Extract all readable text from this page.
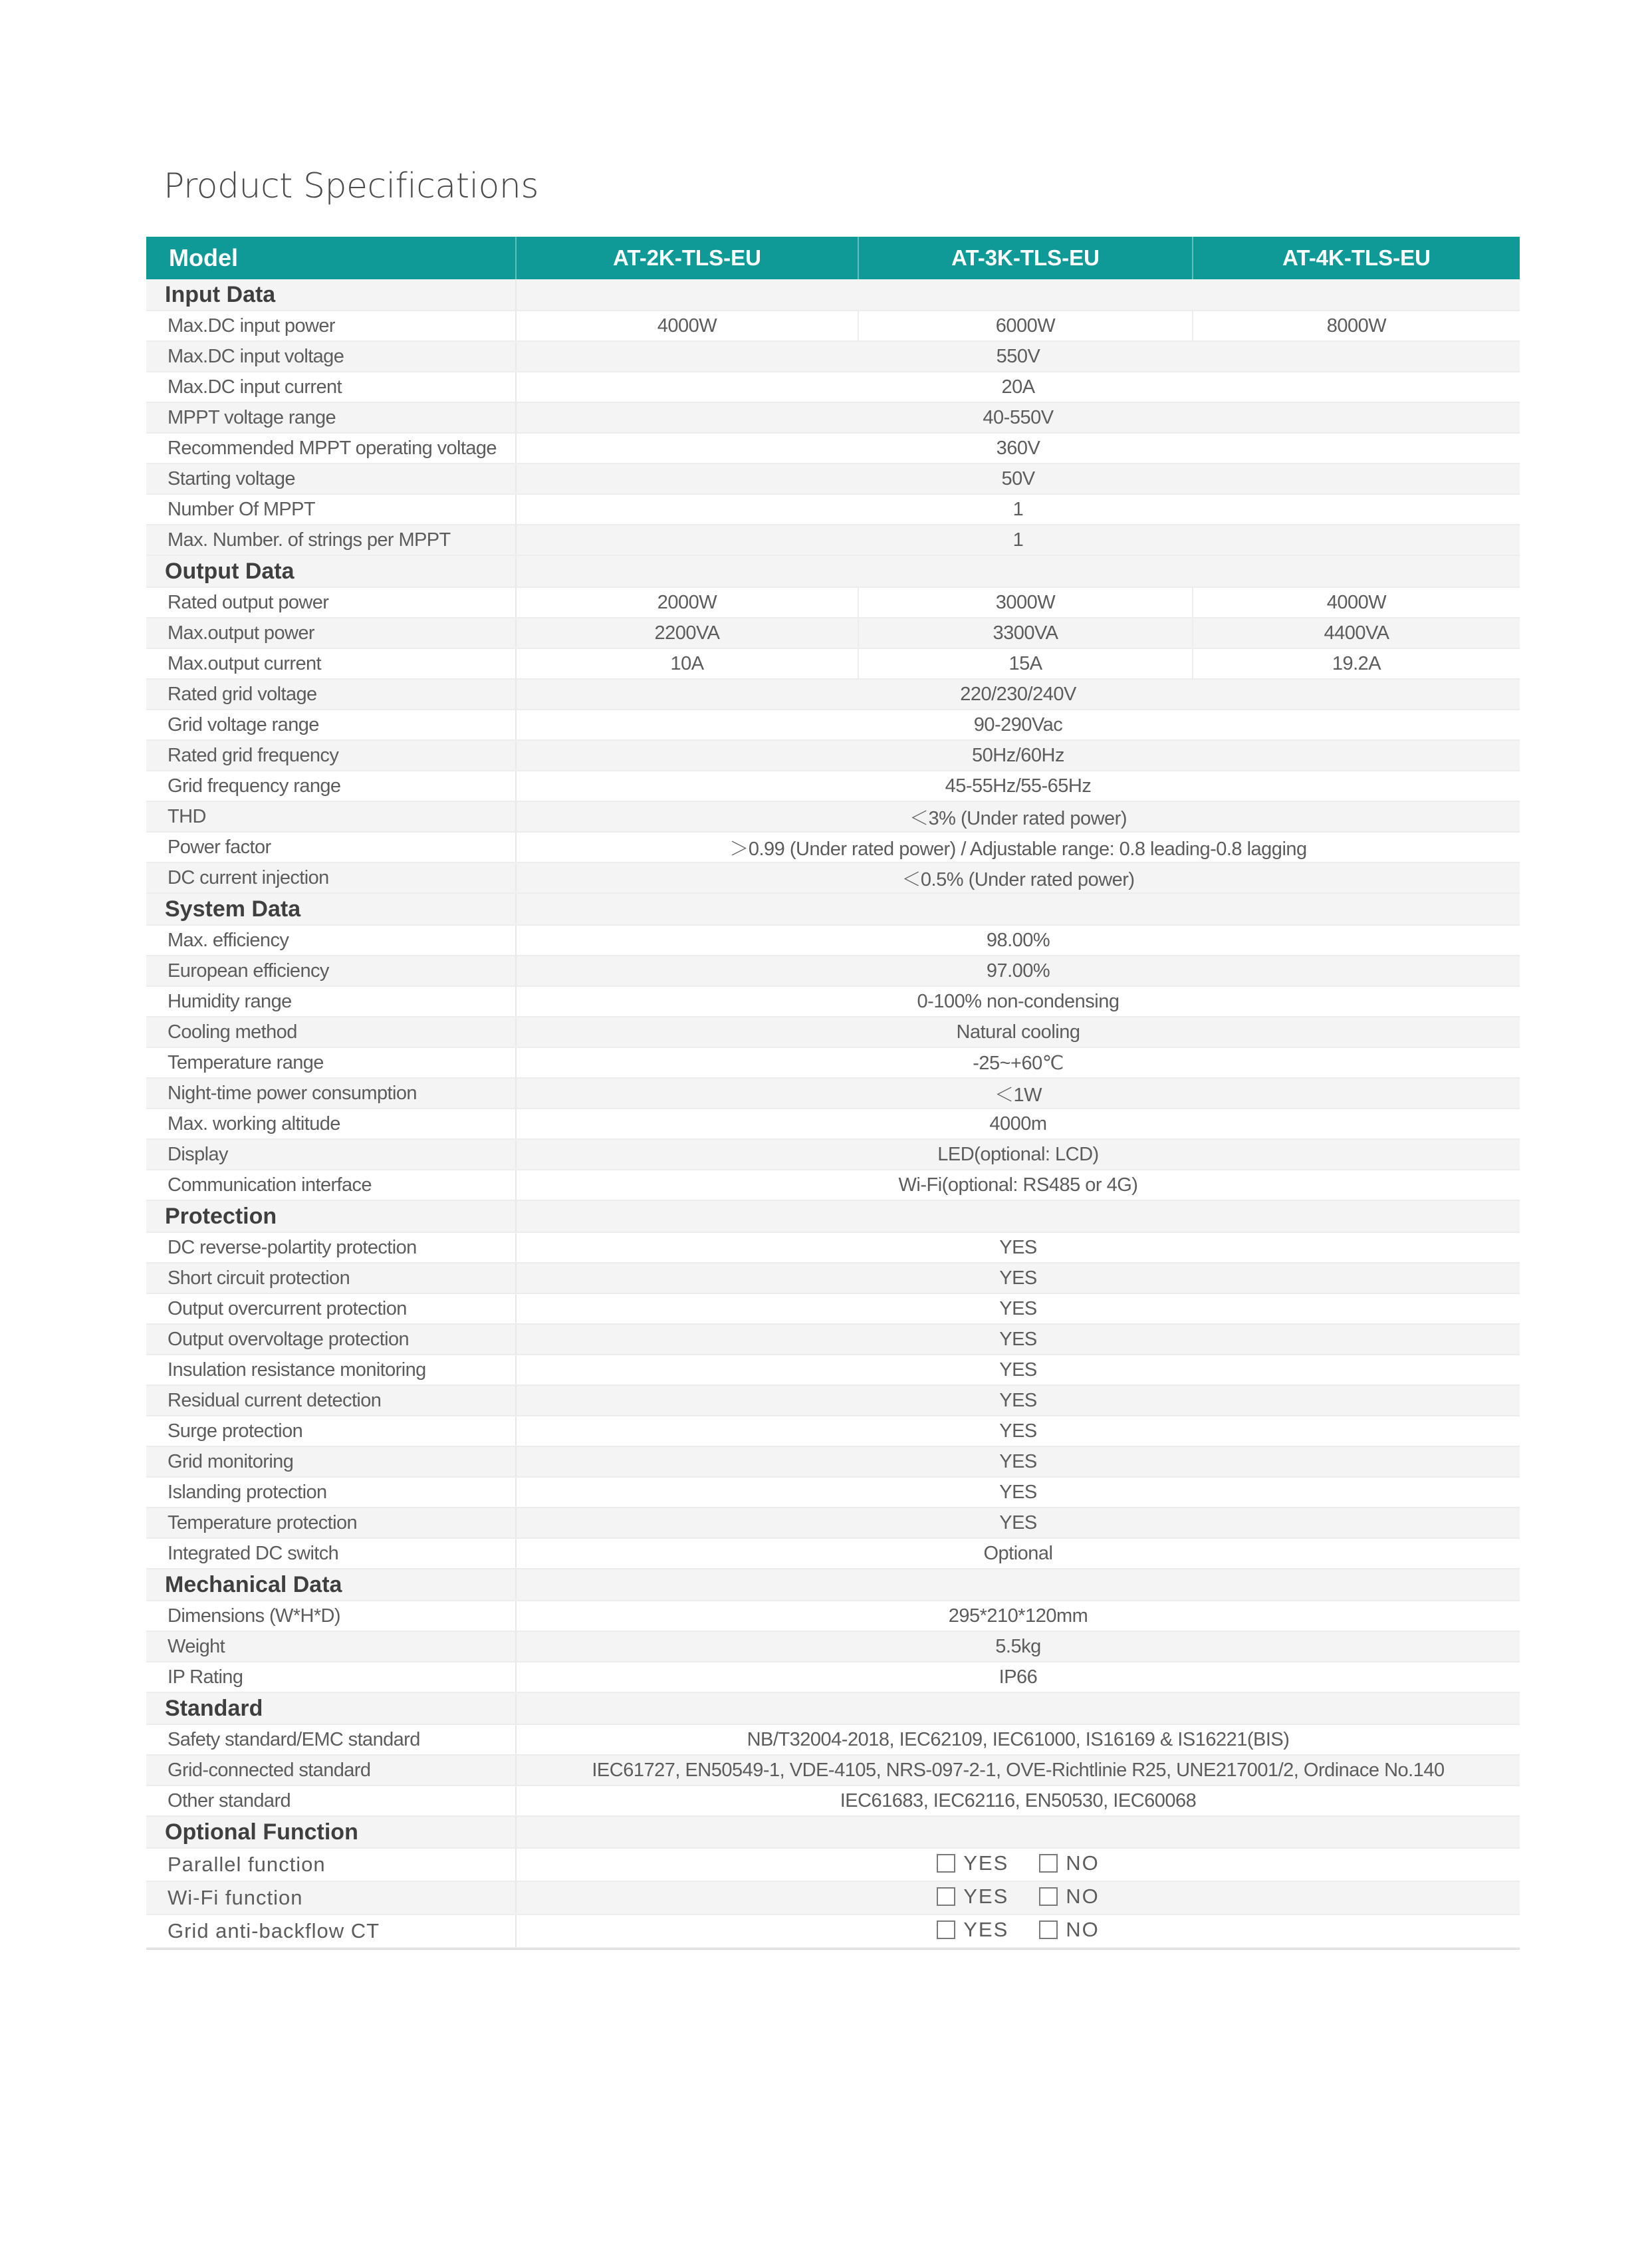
Product Specifications
Model	AT-2K-TLS-EU	AT-3K-TLS-EU	AT-4K-TLS-EU
Input Data			
Max.DC input power	4000W	6000W	8000W
Max.DC input voltage	550V		
Max.DC input current	20A		
MPPT voltage range	40-550V		
Recommended MPPT operating voltage	360V		
Starting voltage	50V		
Number Of MPPT	1		
Max. Number. of strings per MPPT	1		
Output Data			
Rated output power	2000W	3000W	4000W
Max.output power	2200VA	3300VA	4400VA
Max.output current	10A	15A	19.2A
Rated grid voltage	220/230/240V		
Grid voltage range	90-290Vac		
Rated grid frequency	50Hz/60Hz		
Grid frequency range	45-55Hz/55-65Hz		
THD	＜3% (Under rated power)		
Power factor	＞0.99 (Under rated power) / Adjustable range: 0.8 leading-0.8 lagging		
DC current injection	＜0.5% (Under rated power)		
System Data			
Max. efficiency	98.00%		
European efficiency	97.00%		
Humidity range	0-100% non-condensing		
Cooling method	Natural cooling		
Temperature range	-25~+60℃		
Night-time power consumption	＜1W		
Max. working altitude	4000m		
Display	LED(optional: LCD)		
Communication interface	Wi-Fi(optional: RS485 or 4G)		
Protection			
DC reverse-polartity protection	YES		
Short circuit protection	YES		
Output overcurrent protection	YES		
Output overvoltage protection	YES		
Insulation resistance monitoring	YES		
Residual current detection	YES		
Surge protection	YES		
Grid monitoring	YES		
Islanding protection	YES		
Temperature protection	YES		
Integrated DC switch	Optional		
Mechanical Data			
Dimensions (W*H*D)	295*210*120mm		
Weight	5.5kg		
IP Rating	IP66		
Standard			
Safety standard/EMC standard	NB/T32004-2018, IEC62109, IEC61000, IS16169 & IS16221(BIS)		
Grid-connected standard	IEC61727, EN50549-1, VDE-4105, NRS-097-2-1, OVE-Richtlinie R25, UNE217001/2, Ordinace No.140		
Other standard	IEC61683, IEC62116, EN50530, IEC60068		
Optional Function			
Parallel function	YES NO		

Wi-Fi function	YES NO		

Grid anti-backflow CT	YES NO		
